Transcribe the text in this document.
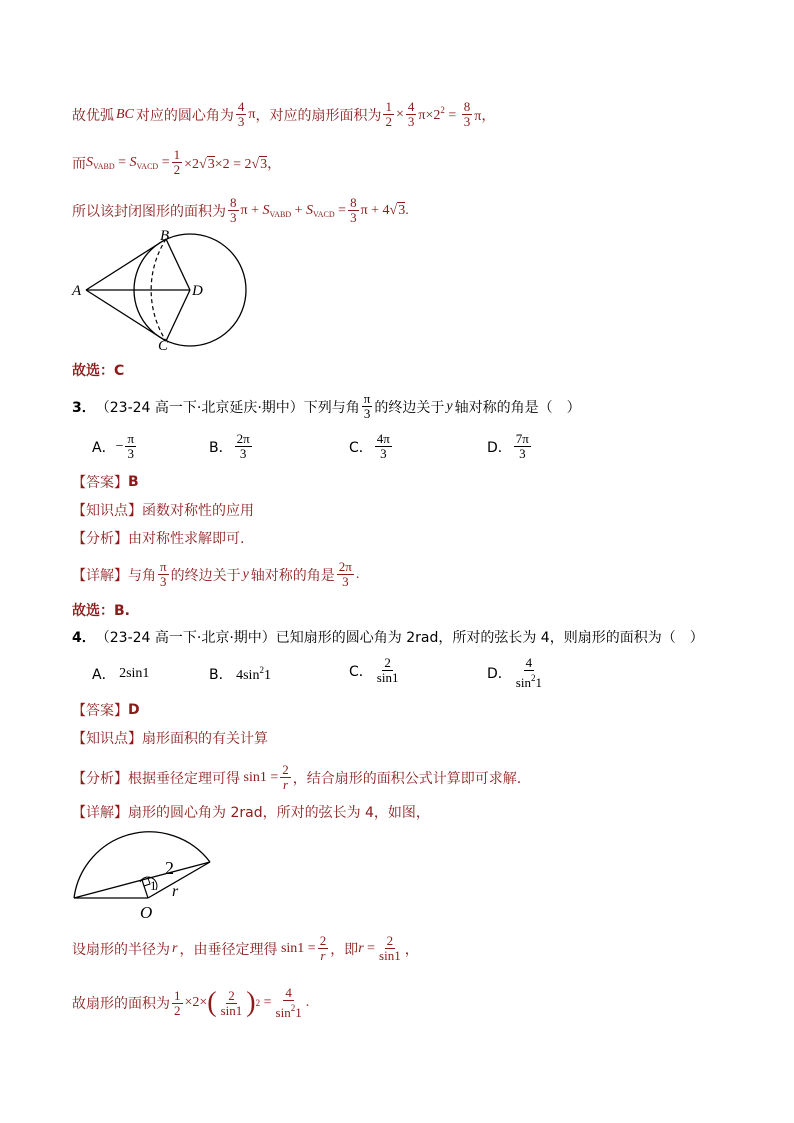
故优弧 BC 对应的圆心角为 $\frac{4}{3}$ π ，对应的扇形面积为 $\frac{1}{2} \times \frac{4}{3} \pi\times 2^2 = \frac{8}{3}$ π，
而 $S_{VABD} = S_{VACD} = \frac{1}{2} \times 2√3\times 2 = 2√3$，
所以该封闭图形的面积为 $\frac{8}{3}$ $\pi + S_{VABD} + S_{VACD} = \frac{8}{3}$ π + 4√3.
A
B
C
D
故选：C
3． （23-24 高一下·北京延庆·期中） 下列与角 $\frac{\pi}{3}$ 的终边关于 y 轴对称的角是（　）
A． − $\frac{\pi}{3}$	B． $\frac{2\pi}{3}$	C． $\frac{4\pi}{3}$	D． $\frac{7\pi}{3}$
【答案】 B
【知识点】 函数对称性的应用
【分析】 由对称性求解即可.
【详解】 与角 $\frac{\pi}{3}$ 的终边关于 y 轴对称的角是 $\frac{2\pi}{3}$ .
故选：B.
4． （23-24 高一下·北京·期中） 已知扇形的圆心角为 2rad，所对的弦长为 4，则扇形的面积为（　）
A． 2sin1	B． $4\sin^21$	C． $\frac{2}{\sin 1}$	D． $\frac{4}{\sin^21}$
【答案】 D
【知识点】 扇形面积的有关计算
【分析】 根据垂径定理可得 $\sin 1 = \frac{2}{r}$ ，结合扇形的面积公式计算即可求解.
【详解】 扇形的圆心角为 2rad，所对的弦长为 4，如图，
2
1 r
O
设扇形的半径为 r ，由垂径定理得 $\sin 1 = \frac{2}{r}$ ，即 $r = \frac{2}{\sin 1}$ ，
故扇形的面积为 $\frac{1}{2} \times 2\times$ ( $\frac{2}{\sin 1}$ ) $2 = \frac{4}{\sin^21}$ .
